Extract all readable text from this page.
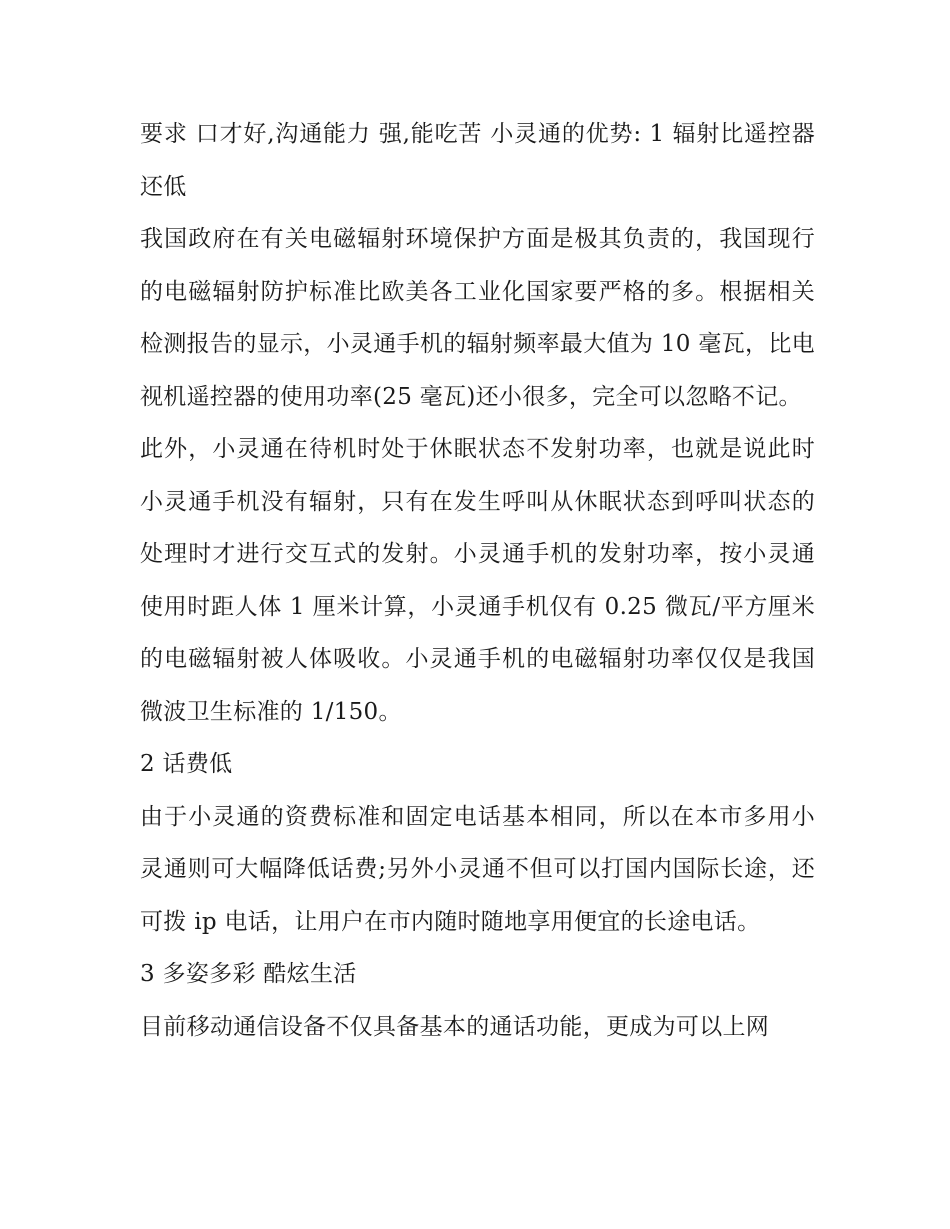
要求 口才好,沟通能力 强,能吃苦 小灵通的优势: 1 辐射比遥控器还低

我国政府在有关电磁辐射环境保护方面是极其负责的，我国现行的电磁辐射防护标准比欧美各工业化国家要严格的多。根据相关检测报告的显示，小灵通手机的辐射频率最大值为 10 毫瓦，比电视机遥控器的使用功率(25 毫瓦)还小很多，完全可以忽略不记。

此外，小灵通在待机时处于休眠状态不发射功率，也就是说此时小灵通手机没有辐射，只有在发生呼叫从休眠状态到呼叫状态的处理时才进行交互式的发射。小灵通手机的发射功率，按小灵通使用时距人体 1 厘米计算，小灵通手机仅有 0.25 微瓦/平方厘米的电磁辐射被人体吸收。小灵通手机的电磁辐射功率仅仅是我国微波卫生标准的 1/150。

2 话费低

由于小灵通的资费标准和固定电话基本相同，所以在本市多用小灵通则可大幅降低话费;另外小灵通不但可以打国内国际长途，还可拨 ip 电话，让用户在市内随时随地享用便宜的长途电话。

3 多姿多彩 酷炫生活

目前移动通信设备不仅具备基本的通话功能，更成为可以上网
